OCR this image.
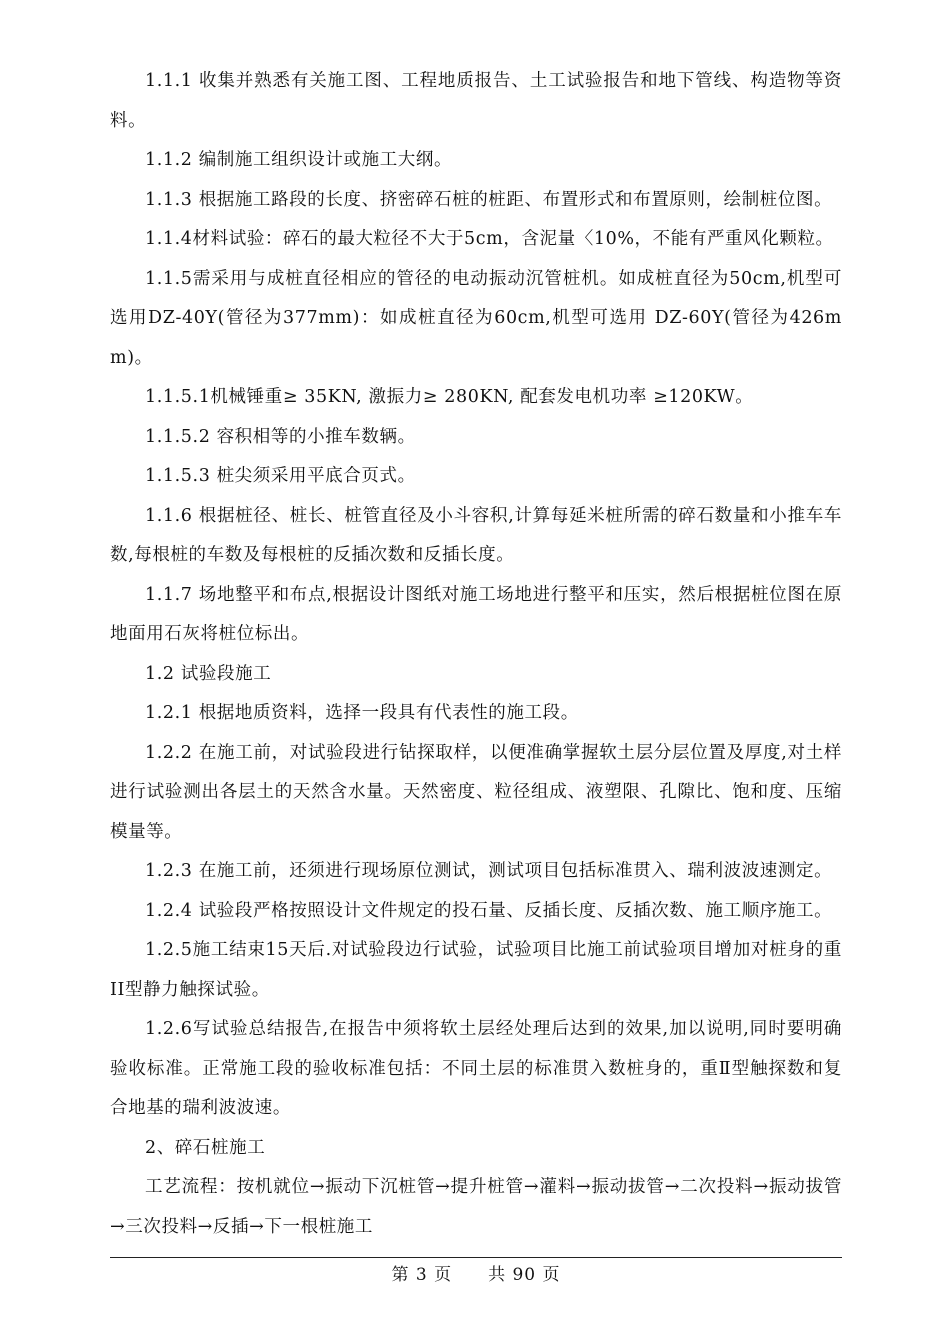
1.1.1 收集并熟悉有关施工图、工程地质报告、土工试验报告和地下管线、构造物等资料。

1.1.2 编制施工组织设计或施工大纲。

1.1.3 根据施工路段的长度、挤密碎石桩的桩距、布置形式和布置原则，绘制桩位图。

1.1.4材料试验：碎石的最大粒径不大于5cm，含泥量〈10%，不能有严重风化颗粒。

1.1.5需采用与成桩直径相应的管径的电动振动沉管桩机。如成桩直径为50cm,机型可选用DZ-40Y(管径为377mm)：如成桩直径为60cm,机型可选用 DZ-60Y(管径为426mm)。

1.1.5.1机械锤重≥ 35KN, 激振力≥ 280KN, 配套发电机功率 ≥120KW。

1.1.5.2 容积相等的小推车数辆。

1.1.5.3 桩尖须采用平底合页式。

1.1.6 根据桩径、桩长、桩管直径及小斗容积,计算每延米桩所需的碎石数量和小推车车数,每根桩的车数及每根桩的反插次数和反插长度。

1.1.7 场地整平和布点,根据设计图纸对施工场地进行整平和压实，然后根据桩位图在原地面用石灰将桩位标出。

1.2 试验段施工

1.2.1 根据地质资料，选择一段具有代表性的施工段。

1.2.2 在施工前，对试验段进行钻探取样，以便准确掌握软土层分层位置及厚度,对土样进行试验测出各层土的天然含水量。天然密度、粒径组成、液塑限、孔隙比、饱和度、压缩模量等。

1.2.3 在施工前，还须进行现场原位测试，测试项目包括标准贯入、瑞利波波速测定。

1.2.4 试验段严格按照设计文件规定的投石量、反插长度、反插次数、施工顺序施工。

1.2.5施工结束15天后.对试验段边行试验，试验项目比施工前试验项目增加对桩身的重II型静力触探试验。

1.2.6写试验总结报告,在报告中须将软土层经处理后达到的效果,加以说明,同时要明确验收标准。正常施工段的验收标准包括：不同土层的标准贯入数桩身的，重Ⅱ型触探数和复合地基的瑞利波波速。

2、碎石桩施工

工艺流程：按机就位→振动下沉桩管→提升桩管→灌料→振动拔管→二次投料→振动拔管→三次投料→反插→下一根桩施工

第 3 页 共 90 页
